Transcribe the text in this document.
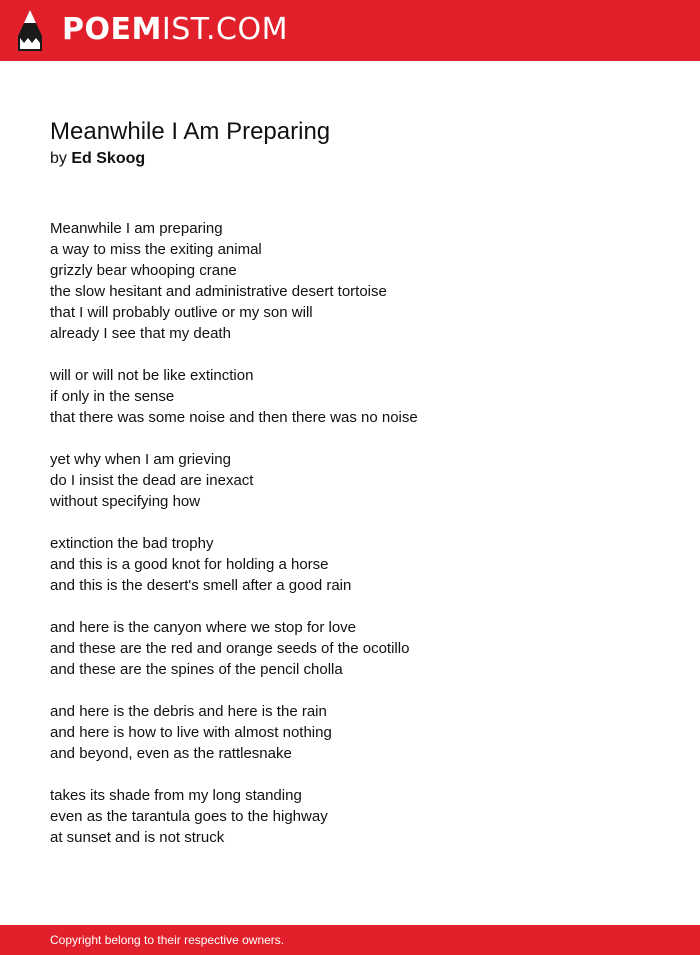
POEMIST.COM
Meanwhile I Am Preparing
by Ed Skoog
Meanwhile I am preparing
a way to miss the exiting animal
grizzly bear whooping crane
the slow hesitant and administrative desert tortoise
that I will probably outlive or my son will
already I see that my death
will or will not be like extinction
if only in the sense
that there was some noise and then there was no noise
yet why when I am grieving
do I insist the dead are inexact
without specifying how
extinction the bad trophy
and this is a good knot for holding a horse
and this is the desert's smell after a good rain
and here is the canyon where we stop for love
and these are the red and orange seeds of the ocotillo
and these are the spines of the pencil cholla
and here is the debris and here is the rain
and here is how to live with almost nothing
and beyond, even as the rattlesnake
takes its shade from my long standing
even as the tarantula goes to the highway
at sunset and is not struck
Copyright belong to their respective owners.
